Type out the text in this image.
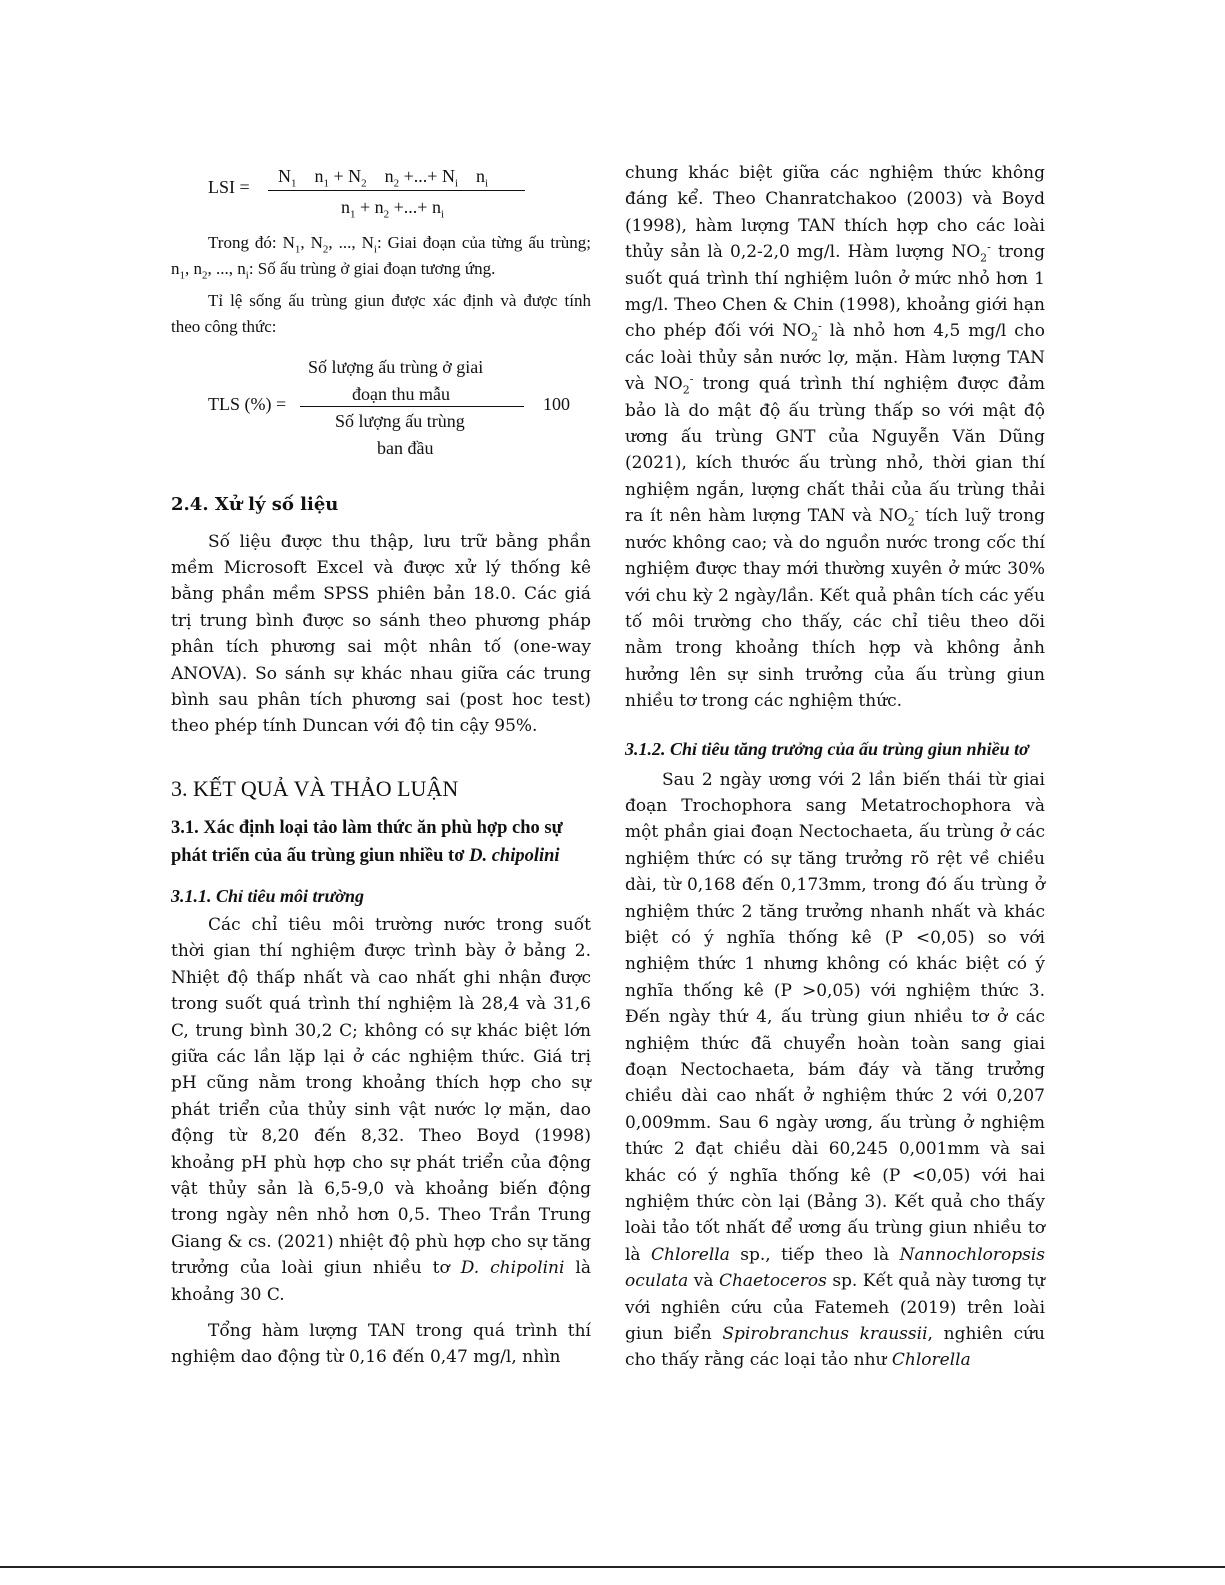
LSI =
$N_1$ $n_1 + N_2$ $n_2$ +...+ $N_i$ $n_i$
$n_1 + n_2$ +...+ $n_i$

Trong đó: $N_1$, $N_2$, ..., $N_i$: Giai đoạn của từng ấu trùng; $n_1$, $n_2$, ..., $n_i$: Số ấu trùng ở giai đoạn tương ứng.

Tỉ lệ sống ấu trùng giun được xác định và được tính theo công thức:

TLS (%) =
Số lượng ấu trùng ở giai
đoạn thu mẫu
Số lượng ấu trùng
ban đầu
100
2.4. Xử lý số liệu

Số liệu được thu thập, lưu trữ bằng phần mềm Microsoft Excel và được xử lý thống kê bằng phần mềm SPSS phiên bản 18.0. Các giá trị trung bình được so sánh theo phương pháp phân tích phương sai một nhân tố (one-way ANOVA). So sánh sự khác nhau giữa các trung bình sau phân tích phương sai (post hoc test) theo phép tính Duncan với độ tin cậy 95%.

3. KẾT QUẢ VÀ THẢO LUẬN
3.1. Xác định loại tảo làm thức ăn phù hợp cho sự phát triển của ấu trùng giun nhiều tơ D. chipolini
3.1.1. Chỉ tiêu môi trường

Các chỉ tiêu môi trường nước trong suốt thời gian thí nghiệm được trình bày ở bảng 2. Nhiệt độ thấp nhất và cao nhất ghi nhận được trong suốt quá trình thí nghiệm là 28,4 và 31,6 C, trung bình 30,2 C; không có sự khác biệt lớn giữa các lần lặp lại ở các nghiệm thức. Giá trị pH cũng nằm trong khoảng thích hợp cho sự phát triển của thủy sinh vật nước lợ mặn, dao động từ 8,20 đến 8,32. Theo Boyd (1998) khoảng pH phù hợp cho sự phát triển của động vật thủy sản là 6,5-9,0 và khoảng biến động trong ngày nên nhỏ hơn 0,5. Theo Trần Trung Giang & cs. (2021) nhiệt độ phù hợp cho sự tăng trưởng của loài giun nhiều tơ D. chipolini là khoảng 30 C.

Tổng hàm lượng TAN trong quá trình thí nghiệm dao động từ 0,16 đến 0,47 mg/l, nhìn

chung khác biệt giữa các nghiệm thức không đáng kể. Theo Chanratchakoo (2003) và Boyd (1998), hàm lượng TAN thích hợp cho các loài thủy sản là 0,2-2,0 mg/l. Hàm lượng $NO_2^-$ trong suốt quá trình thí nghiệm luôn ở mức nhỏ hơn 1 mg/l. Theo Chen & Chin (1998), khoảng giới hạn cho phép đối với $NO_2^-$ là nhỏ hơn 4,5 mg/l cho các loài thủy sản nước lợ, mặn. Hàm lượng TAN và $NO_2^-$ trong quá trình thí nghiệm được đảm bảo là do mật độ ấu trùng thấp so với mật độ ương ấu trùng GNT của Nguyễn Văn Dũng (2021), kích thước ấu trùng nhỏ, thời gian thí nghiệm ngắn, lượng chất thải của ấu trùng thải ra ít nên hàm lượng TAN và $NO_2^-$ tích luỹ trong nước không cao; và do nguồn nước trong cốc thí nghiệm được thay mới thường xuyên ở mức 30% với chu kỳ 2 ngày/lần. Kết quả phân tích các yếu tố môi trường cho thấy, các chỉ tiêu theo dõi nằm trong khoảng thích hợp và không ảnh hưởng lên sự sinh trưởng của ấu trùng giun nhiều tơ trong các nghiệm thức.

3.1.2. Chỉ tiêu tăng trưởng của ấu trùng giun nhiều tơ

Sau 2 ngày ương với 2 lần biến thái từ giai đoạn Trochophora sang Metatrochophora và một phần giai đoạn Nectochaeta, ấu trùng ở các nghiệm thức có sự tăng trưởng rõ rệt về chiều dài, từ 0,168 đến 0,173mm, trong đó ấu trùng ở nghiệm thức 2 tăng trưởng nhanh nhất và khác biệt có ý nghĩa thống kê (P <0,05) so với nghiệm thức 1 nhưng không có khác biệt có ý nghĩa thống kê (P >0,05) với nghiệm thức 3. Đến ngày thứ 4, ấu trùng giun nhiều tơ ở các nghiệm thức đã chuyển hoàn toàn sang giai đoạn Nectochaeta, bám đáy và tăng trưởng chiều dài cao nhất ở nghiệm thức 2 với 0,207 0,009mm. Sau 6 ngày ương, ấu trùng ở nghiệm thức 2 đạt chiều dài 60,245 0,001mm và sai khác có ý nghĩa thống kê (P <0,05) với hai nghiệm thức còn lại (Bảng 3). Kết quả cho thấy loài tảo tốt nhất để ương ấu trùng giun nhiều tơ là Chlorella sp., tiếp theo là Nannochloropsis oculata và Chaetoceros sp. Kết quả này tương tự với nghiên cứu của Fatemeh (2019) trên loài giun biển Spirobranchus kraussii, nghiên cứu cho thấy rằng các loại tảo như Chlorella
